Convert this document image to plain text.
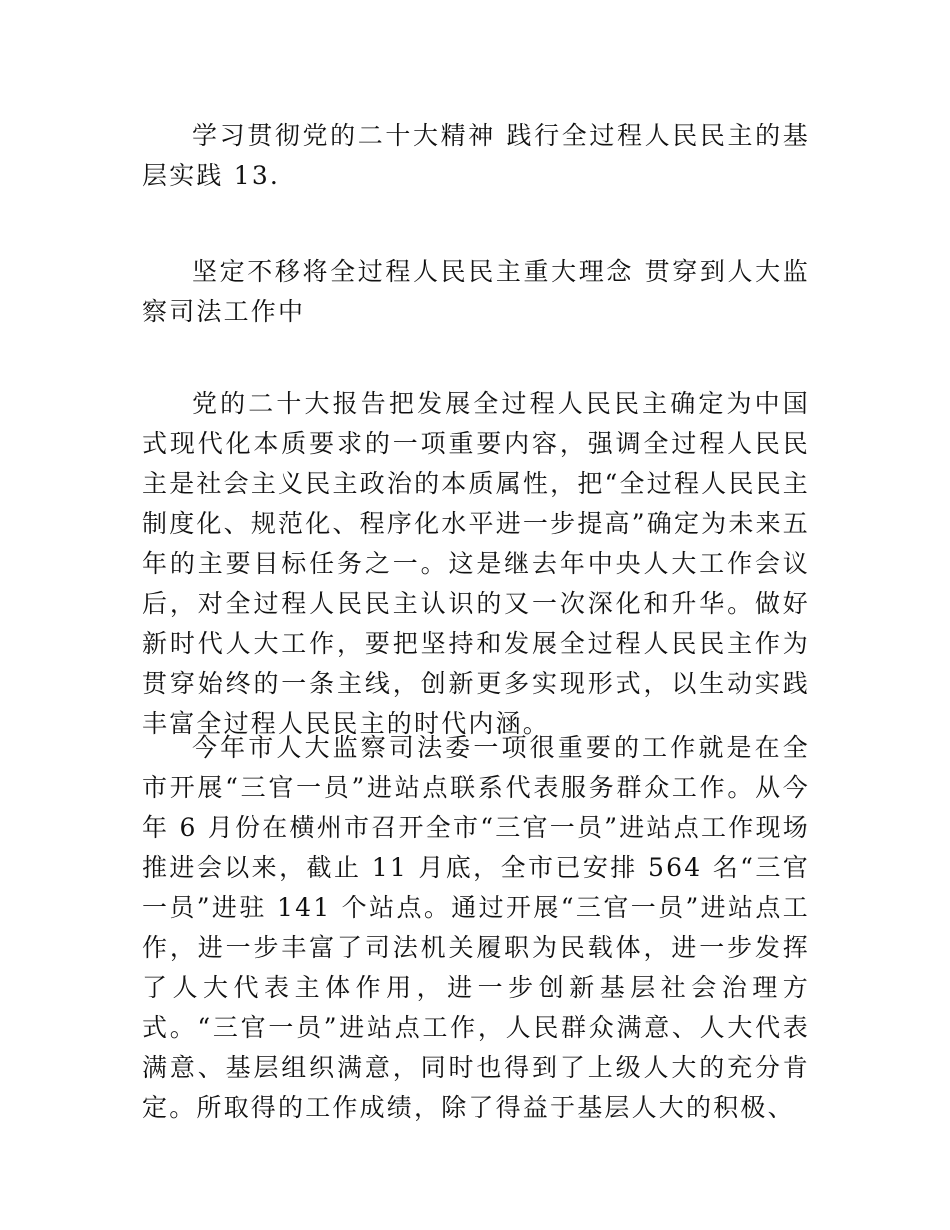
学习贯彻党的二十大精神 践行全过程人民民主的基层实践 13．

坚定不移将全过程人民民主重大理念 贯穿到人大监察司法工作中

党的二十大报告把发展全过程人民民主确定为中国式现代化本质要求的一项重要内容，强调全过程人民民主是社会主义民主政治的本质属性，把“全过程人民民主制度化、规范化、程序化水平进一步提高”确定为未来五年的主要目标任务之一。这是继去年中央人大工作会议后，对全过程人民民主认识的又一次深化和升华。做好新时代人大工作，要把坚持和发展全过程人民民主作为贯穿始终的一条主线，创新更多实现形式，以生动实践丰富全过程人民民主的时代内涵。

今年市人大监察司法委一项很重要的工作就是在全市开展“三官一员”进站点联系代表服务群众工作。从今年 6 月份在横州市召开全市“三官一员”进站点工作现场推进会以来，截止 11 月底，全市已安排 564 名“三官一员”进驻 141 个站点。通过开展“三官一员”进站点工作，进一步丰富了司法机关履职为民载体，进一步发挥了人大代表主体作用，进一步创新基层社会治理方式。“三官一员”进站点工作，人民群众满意、人大代表满意、基层组织满意，同时也得到了上级人大的充分肯定。所取得的工作成绩，除了得益于基层人大的积极、
